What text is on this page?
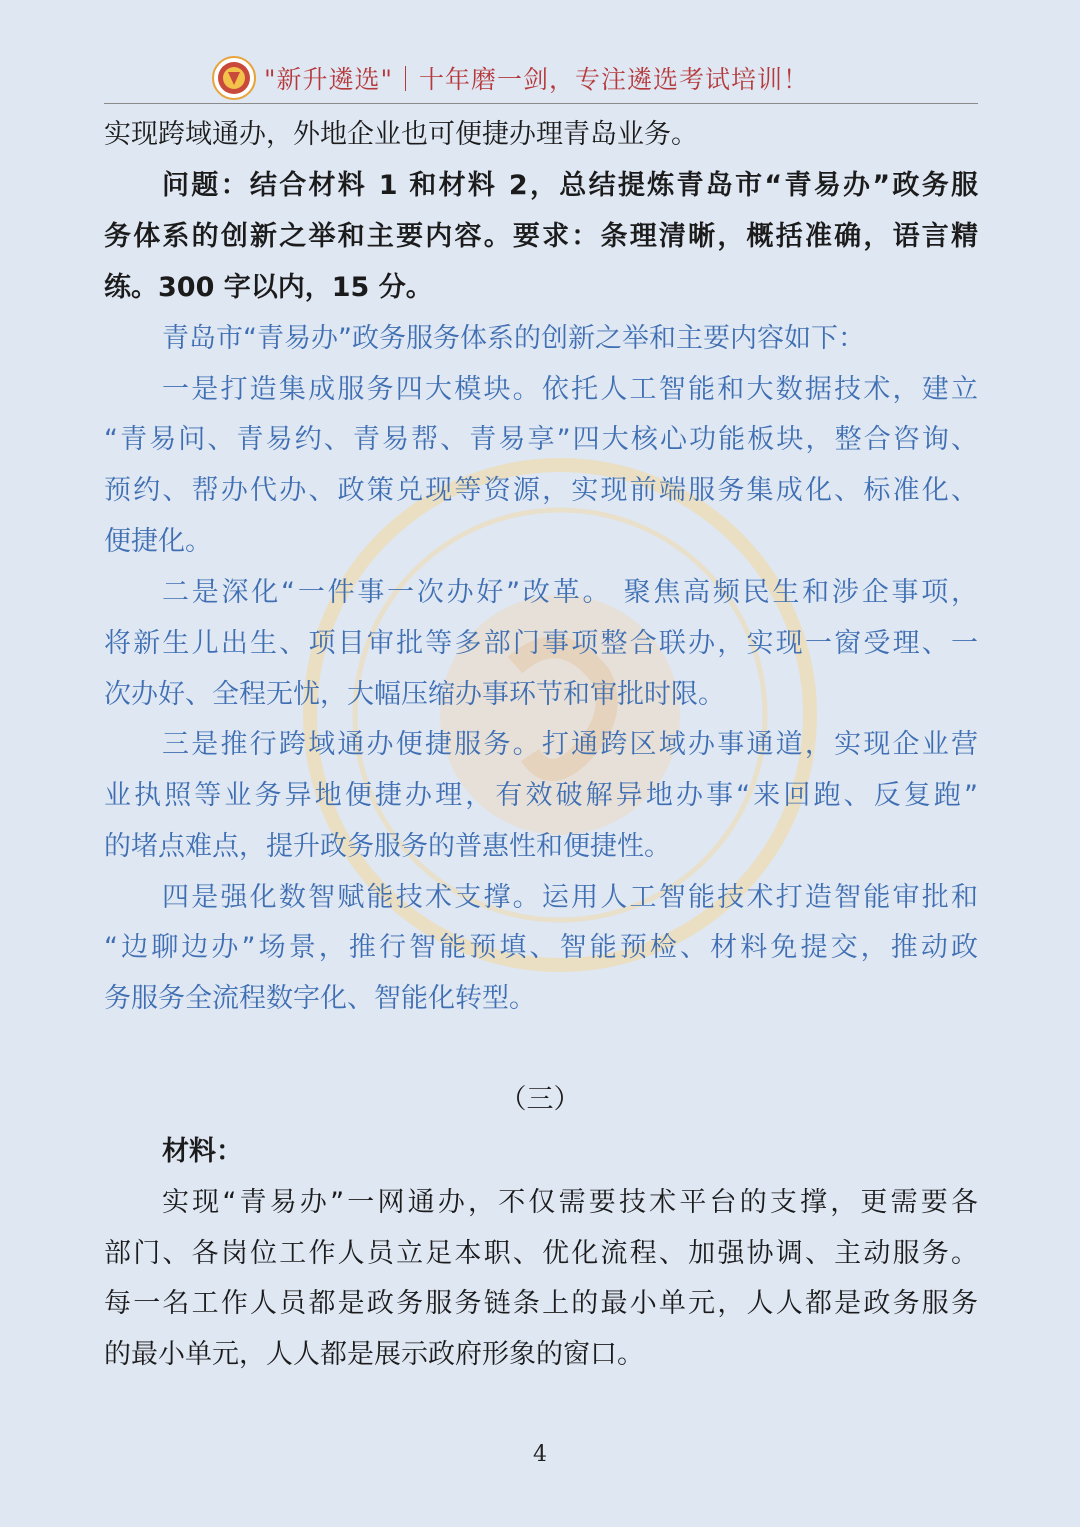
"新升遴选"｜十年磨一剑，专注遴选考试培训！
实现跨域通办，外地企业也可便捷办理青岛业务。
问题：结合材料 1 和材料 2，总结提炼青岛市“青易办”政务服
务体系的创新之举和主要内容。要求：条理清晰，概括准确，语言精
练。300 字以内，15 分。
青岛市“青易办”政务服务体系的创新之举和主要内容如下：
一是打造集成服务四大模块。依托人工智能和大数据技术，建立
“青易问、青易约、青易帮、青易享”四大核心功能板块，整合咨询、
预约、帮办代办、政策兑现等资源，实现前端服务集成化、标准化、
便捷化。
二是深化“一件事一次办好”改革。 聚焦高频民生和涉企事项，
将新生儿出生、项目审批等多部门事项整合联办，实现一窗受理、一
次办好、全程无忧，大幅压缩办事环节和审批时限。
三是推行跨域通办便捷服务。打通跨区域办事通道，实现企业营
业执照等业务异地便捷办理，有效破解异地办事“来回跑、反复跑”
的堵点难点，提升政务服务的普惠性和便捷性。
四是强化数智赋能技术支撑。运用人工智能技术打造智能审批和
“边聊边办”场景，推行智能预填、智能预检、材料免提交，推动政
务服务全流程数字化、智能化转型。
（三）
材料：
实现“青易办”一网通办，不仅需要技术平台的支撑，更需要各
部门、各岗位工作人员立足本职、优化流程、加强协调、主动服务。
每一名工作人员都是政务服务链条上的最小单元，人人都是政务服务
的最小单元，人人都是展示政府形象的窗口。
4
